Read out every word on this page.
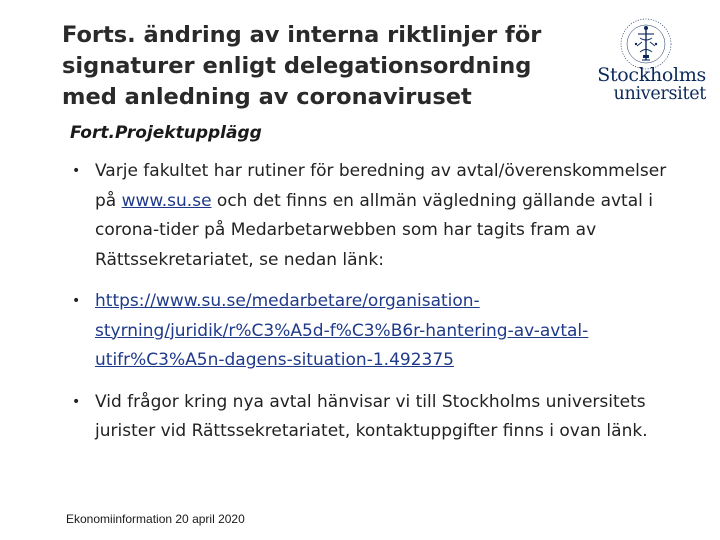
Forts. ändring av interna riktlinjer för
signaturer enligt delegationsordning
med anledning av coronaviruset
Stockholms
universitet
Fort.Projektupplägg
• Varje fakultet har rutiner för beredning av avtal/överenskommelser på www.su.se och det finns en allmän vägledning gällande avtal i corona-tider på Medarbetarwebben som har tagits fram av Rättssekretariatet, se nedan länk:
• https://www.su.se/medarbetare/organisation-styrning/juridik/r%C3%A5d-f%C3%B6r-hantering-av-avtal-utifr%C3%A5n-dagens-situation-1.492375
• Vid frågor kring nya avtal hänvisar vi till Stockholms universitets jurister vid Rättssekretariatet, kontaktuppgifter finns i ovan länk.
Ekonomiinformation 20 april 2020
